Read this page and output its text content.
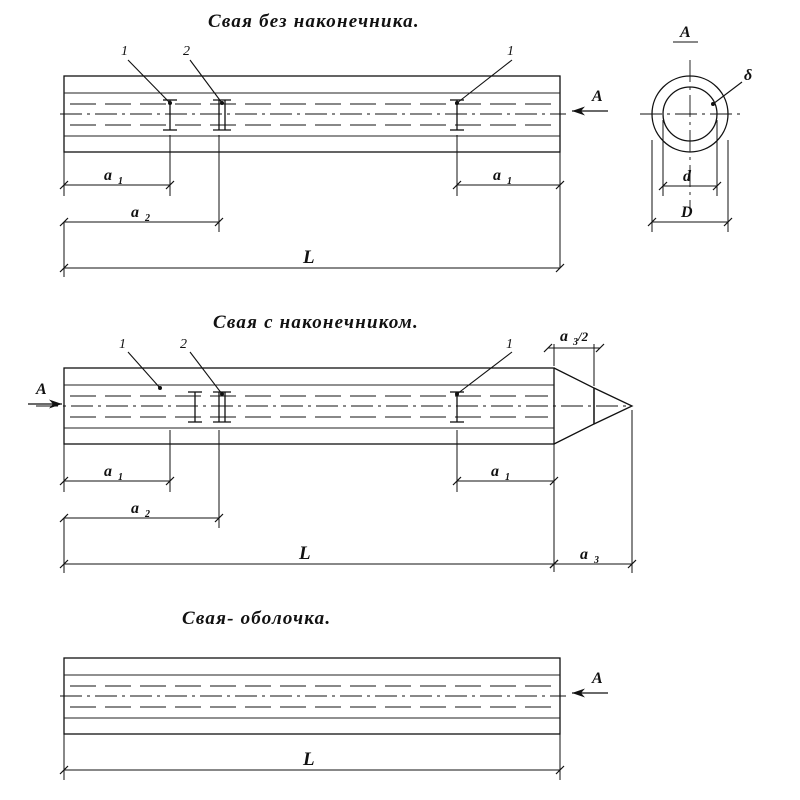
Свая без наконечника.
1	2	1
A
a 1	a 1
a 2
L
A
δ
d
D
Свая с наконечником.
1	2	1
A
a 3 /2
a 1	a 1
a 2
L	a 3
Свая- оболочка.
A
L
